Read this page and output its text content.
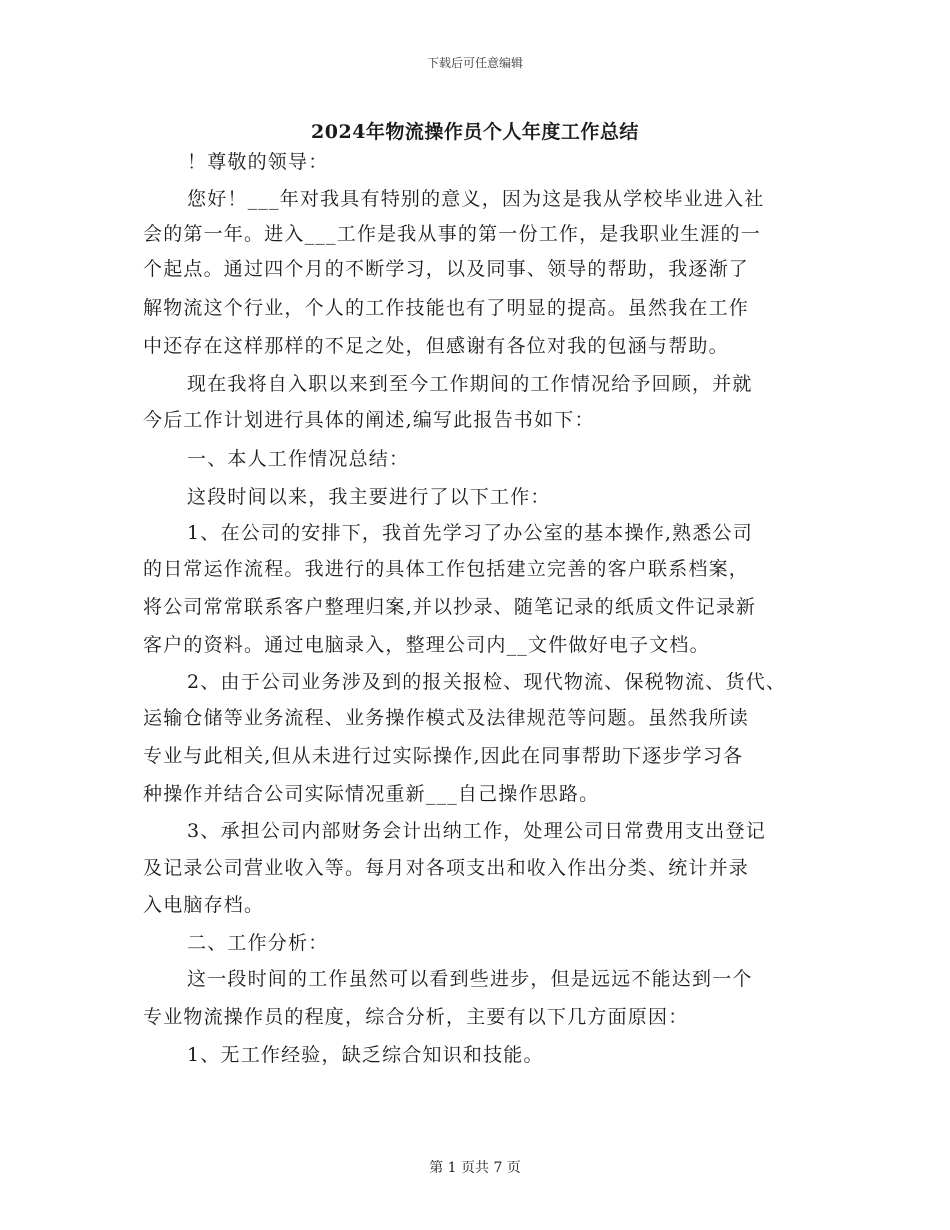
下载后可任意编辑
2024年物流操作员个人年度工作总结
！尊敬的领导：
您好！___年对我具有特别的意义，因为这是我从学校毕业进入社
会的第一年。进入___工作是我从事的第一份工作，是我职业生涯的一
个起点。通过四个月的不断学习，以及同事、领导的帮助，我逐渐了
解物流这个行业，个人的工作技能也有了明显的提高。虽然我在工作
中还存在这样那样的不足之处，但感谢有各位对我的包涵与帮助。
现在我将自入职以来到至今工作期间的工作情况给予回顾，并就
今后工作计划进行具体的阐述,编写此报告书如下：
一、本人工作情况总结：
这段时间以来，我主要进行了以下工作：
1、在公司的安排下，我首先学习了办公室的基本操作,熟悉公司
的日常运作流程。我进行的具体工作包括建立完善的客户联系档案，
将公司常常联系客户整理归案,并以抄录、随笔记录的纸质文件记录新
客户的资料。通过电脑录入，整理公司内__文件做好电子文档。
2、由于公司业务涉及到的报关报检、现代物流、保税物流、货代、
运输仓储等业务流程、业务操作模式及法律规范等问题。虽然我所读
专业与此相关,但从未进行过实际操作,因此在同事帮助下逐步学习各
种操作并结合公司实际情况重新___自己操作思路。
3、承担公司内部财务会计出纳工作，处理公司日常费用支出登记
及记录公司营业收入等。每月对各项支出和收入作出分类、统计并录
入电脑存档。
二、工作分析：
这一段时间的工作虽然可以看到些进步，但是远远不能达到一个
专业物流操作员的程度，综合分析，主要有以下几方面原因：
1、无工作经验，缺乏综合知识和技能。
第 1 页共 7 页
